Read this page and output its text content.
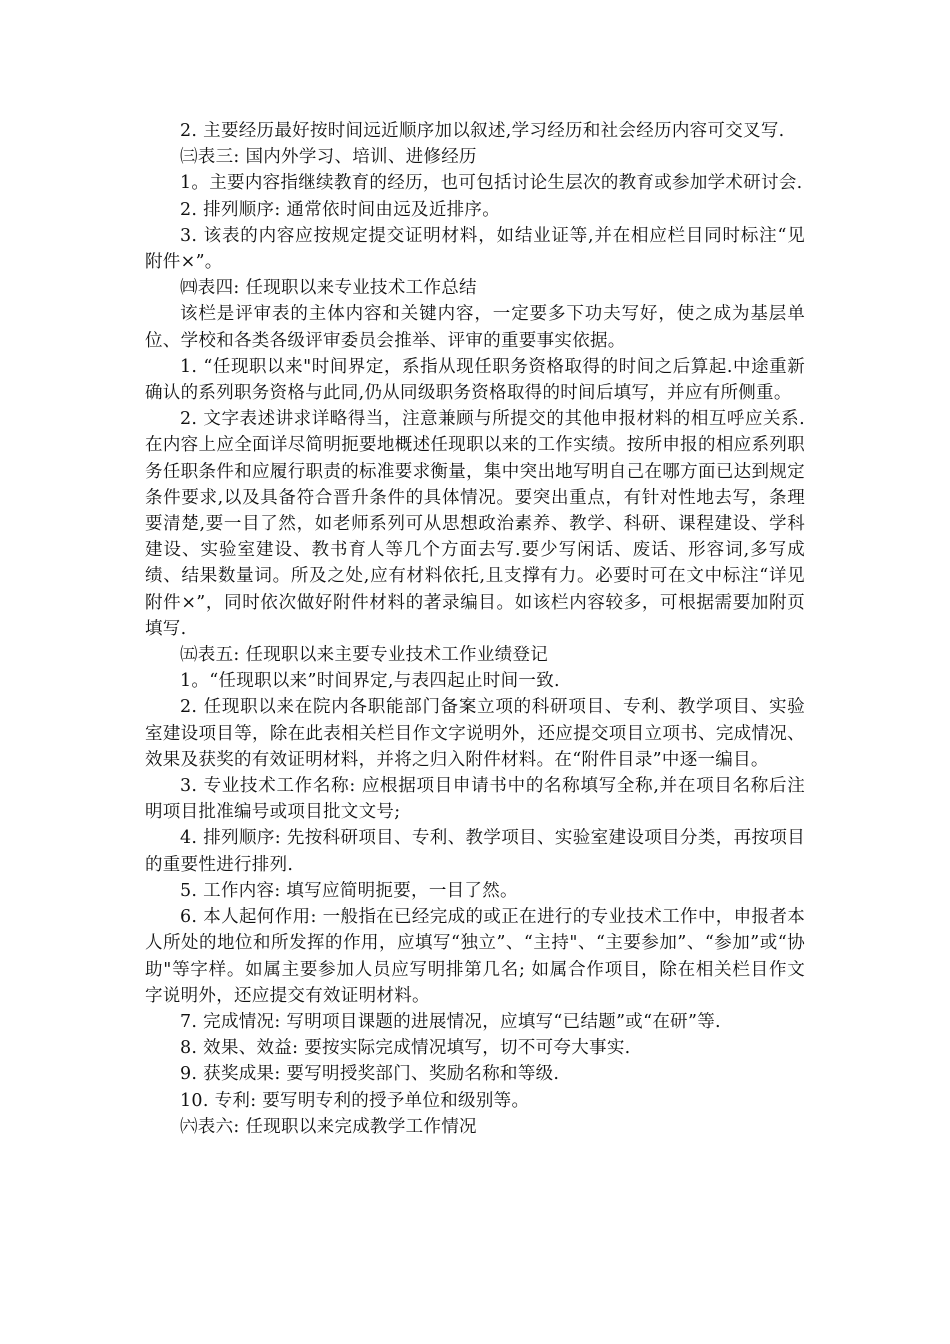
2. 主要经历最好按时间远近顺序加以叙述,学习经历和社会经历内容可交叉写.

㈢表三: 国内外学习、培训、进修经历

1。主要内容指继续教育的经历，也可包括讨论生层次的教育或参加学术研讨会.

2. 排列顺序: 通常依时间由远及近排序。

3. 该表的内容应按规定提交证明材料，如结业证等,并在相应栏目同时标注“见附件×”。

㈣表四: 任现职以来专业技术工作总结

该栏是评审表的主体内容和关键内容，一定要多下功夫写好，使之成为基层单位、学校和各类各级评审委员会推举、评审的重要事实依据。

1. “任现职以来"时间界定，系指从现任职务资格取得的时间之后算起.中途重新确认的系列职务资格与此同,仍从同级职务资格取得的时间后填写，并应有所侧重。

2. 文字表述讲求详略得当，注意兼顾与所提交的其他申报材料的相互呼应关系.在内容上应全面详尽简明扼要地概述任现职以来的工作实绩。按所申报的相应系列职务任职条件和应履行职责的标准要求衡量，集中突出地写明自己在哪方面已达到规定条件要求,以及具备符合晋升条件的具体情况。要突出重点，有针对性地去写，条理要清楚,要一目了然，如老师系列可从思想政治素养、教学、科研、课程建设、学科建设、实验室建设、教书育人等几个方面去写.要少写闲话、废话、形容词,多写成绩、结果数量词。所及之处,应有材料依托,且支撑有力。必要时可在文中标注“详见附件×”，同时依次做好附件材料的著录编目。如该栏内容较多，可根据需要加附页填写.

㈤表五: 任现职以来主要专业技术工作业绩登记

1。“任现职以来”时间界定,与表四起止时间一致.

2. 任现职以来在院内各职能部门备案立项的科研项目、专利、教学项目、实验室建设项目等，除在此表相关栏目作文字说明外，还应提交项目立项书、完成情况、效果及获奖的有效证明材料，并将之归入附件材料。在“附件目录”中逐一编目。

3. 专业技术工作名称: 应根据项目申请书中的名称填写全称,并在项目名称后注明项目批准编号或项目批文文号;

4. 排列顺序: 先按科研项目、专利、教学项目、实验室建设项目分类，再按项目的重要性进行排列.

5. 工作内容: 填写应简明扼要，一目了然。

6. 本人起何作用: 一般指在已经完成的或正在进行的专业技术工作中，申报者本人所处的地位和所发挥的作用，应填写“独立”、“主持"、“主要参加”、“参加”或“协助"等字样。如属主要参加人员应写明排第几名; 如属合作项目，除在相关栏目作文字说明外，还应提交有效证明材料。

7. 完成情况: 写明项目课题的进展情况，应填写“已结题”或“在研”等.

8. 效果、效益: 要按实际完成情况填写，切不可夸大事实.

9. 获奖成果: 要写明授奖部门、奖励名称和等级.

10. 专利: 要写明专利的授予单位和级别等。

㈥表六: 任现职以来完成教学工作情况
